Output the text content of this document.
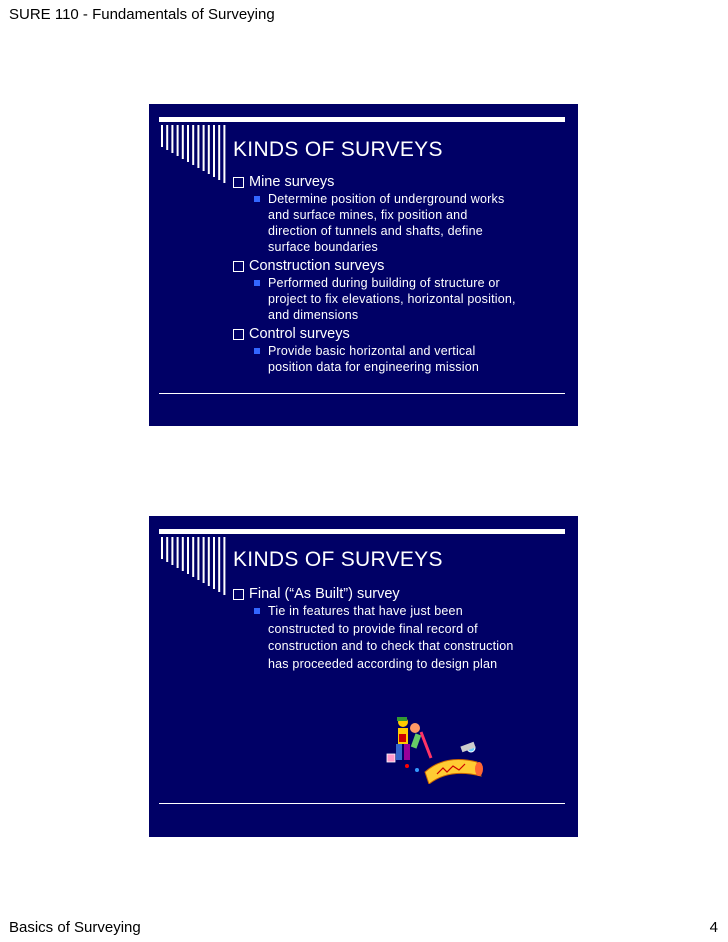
SURE 110 - Fundamentals of Surveying
KINDS OF SURVEYS
Mine surveys
Determine position of underground works
and surface mines, fix position and
direction of tunnels and shafts, define
surface boundaries
Construction surveys
Performed during building of structure or
project to fix elevations, horizontal position,
and dimensions
Control surveys
Provide basic horizontal and vertical
position data for engineering mission
KINDS OF SURVEYS
Final (“As Built”) survey
Tie in features that have just been
constructed to provide final record of
construction and to check that construction
has proceeded according to design plan
Basics of Surveying	4
